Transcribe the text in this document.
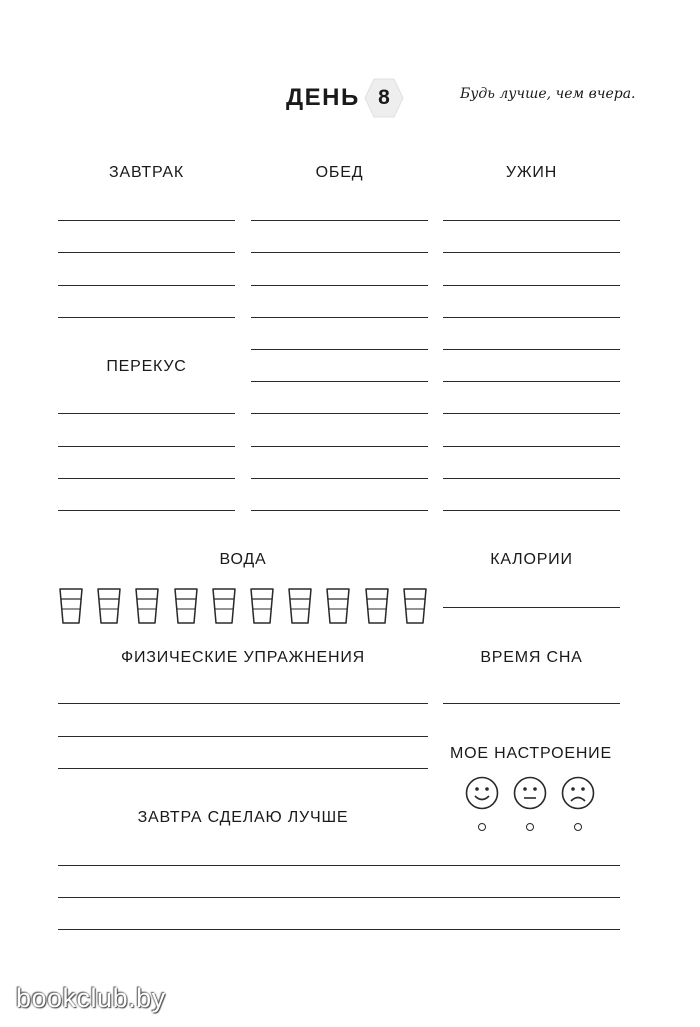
ДЕНЬ 8	Будь лучше, чем вчера.
ЗАВТРАК	ОБЕД	УЖИН
ПЕРЕКУС
ВОДА	КАЛОРИИ
ФИЗИЧЕСКИЕ УПРАЖНЕНИЯ	ВРЕМЯ СНА
МОЕ НАСТРОЕНИЕ
ЗАВТРА СДЕЛАЮ ЛУЧШЕ
bookclub.by
